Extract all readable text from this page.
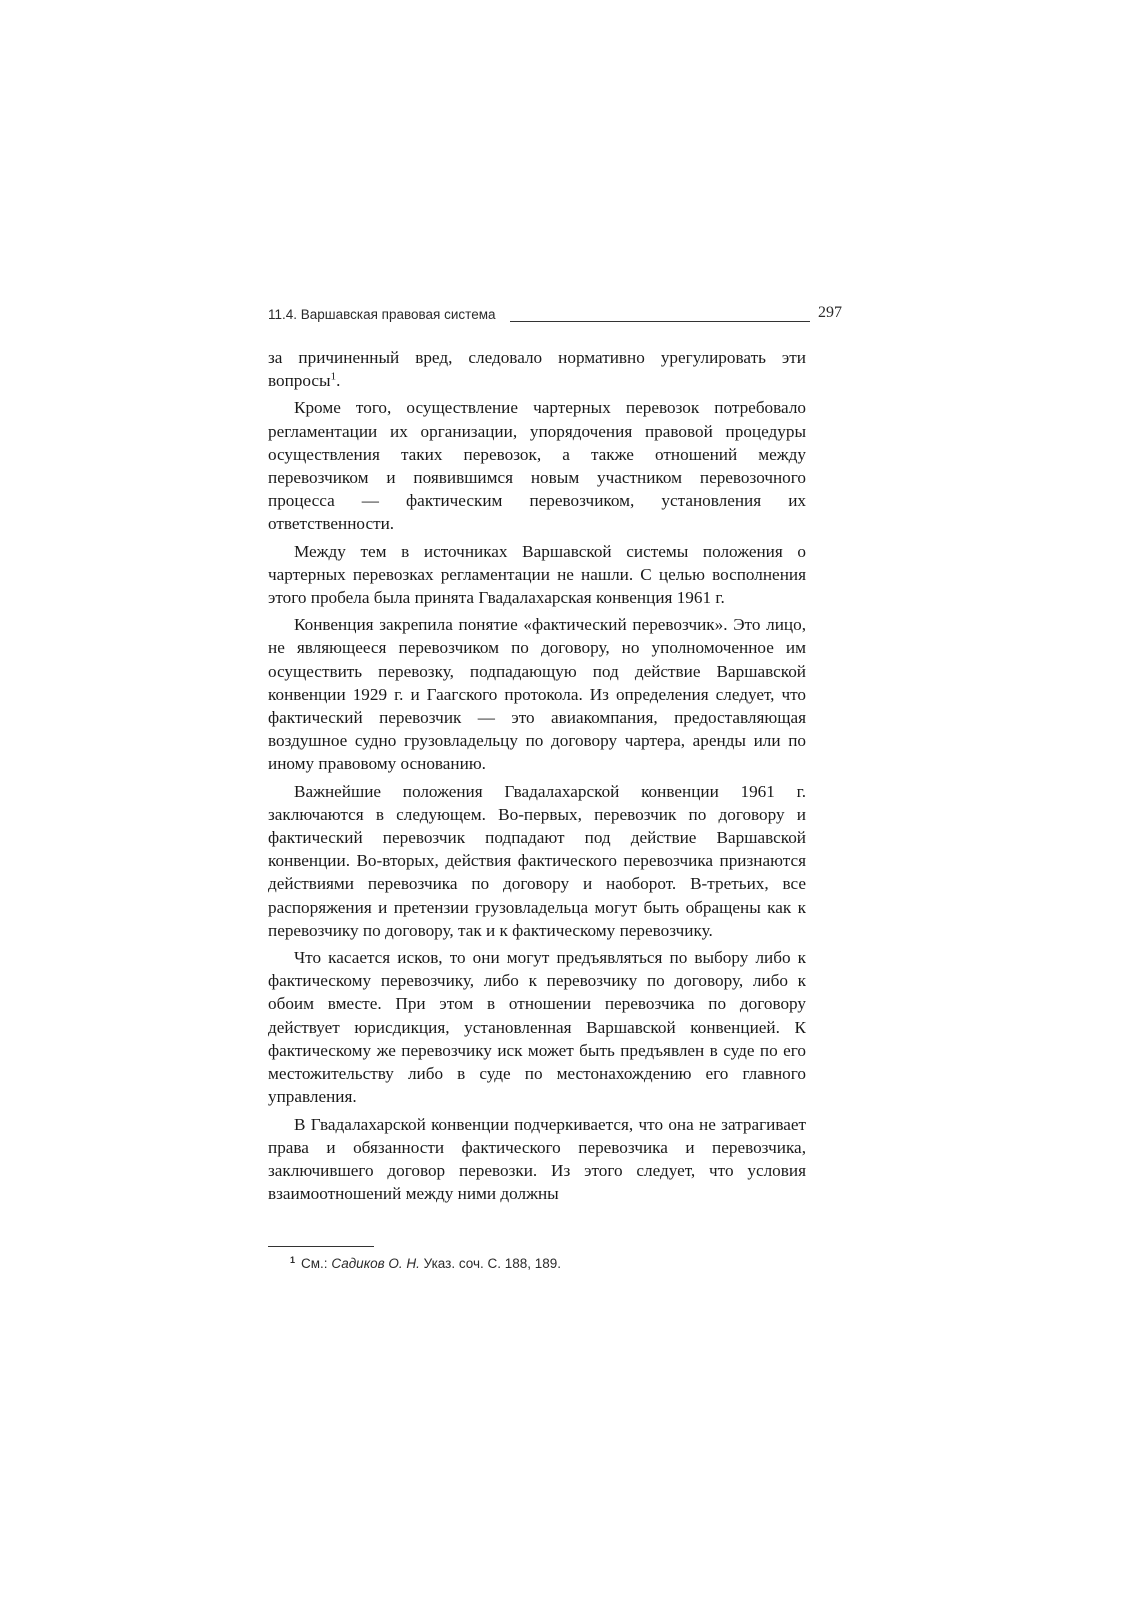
11.4. Варшавская правовая система	297

за причиненный вред, следовало нормативно урегулировать эти вопросы$^1$.

Кроме того, осуществление чартерных перевозок потребовало регламентации их организации, упорядочения правовой процедуры осуществления таких перевозок, а также отношений между перевозчиком и появившимся новым участником перевозочного процесса — фактическим перевозчиком, установления их ответственности.

Между тем в источниках Варшавской системы положения о чартерных перевозках регламентации не нашли. С целью восполнения этого пробела была принята Гвадалахарская конвенция 1961 г.

Конвенция закрепила понятие «фактический перевозчик». Это лицо, не являющееся перевозчиком по договору, но уполномоченное им осуществить перевозку, подпадающую под действие Варшавской конвенции 1929 г. и Гаагского протокола. Из определения следует, что фактический перевозчик — это авиакомпания, предоставляющая воздушное судно грузовладельцу по договору чартера, аренды или по иному правовому основанию.

Важнейшие положения Гвадалахарской конвенции 1961 г. заключаются в следующем. Во-первых, перевозчик по договору и фактический перевозчик подпадают под действие Варшавской конвенции. Во-вторых, действия фактического перевозчика признаются действиями перевозчика по договору и наоборот. В-третьих, все распоряжения и претензии грузовладельца могут быть обращены как к перевозчику по договору, так и к фактическому перевозчику.

Что касается исков, то они могут предъявляться по выбору либо к фактическому перевозчику, либо к перевозчику по договору, либо к обоим вместе. При этом в отношении перевозчика по договору действует юрисдикция, установленная Варшавской конвенцией. К фактическому же перевозчику иск может быть предъявлен в суде по его местожительству либо в суде по местонахождению его главного управления.

В Гвадалахарской конвенции подчеркивается, что она не затрагивает права и обязанности фактического перевозчика и перевозчика, заключившего договор перевозки. Из этого следует, что условия взаимоотношений между ними должны

$^1$ См.: Садиков О. Н. Указ. соч. С. 188, 189.
